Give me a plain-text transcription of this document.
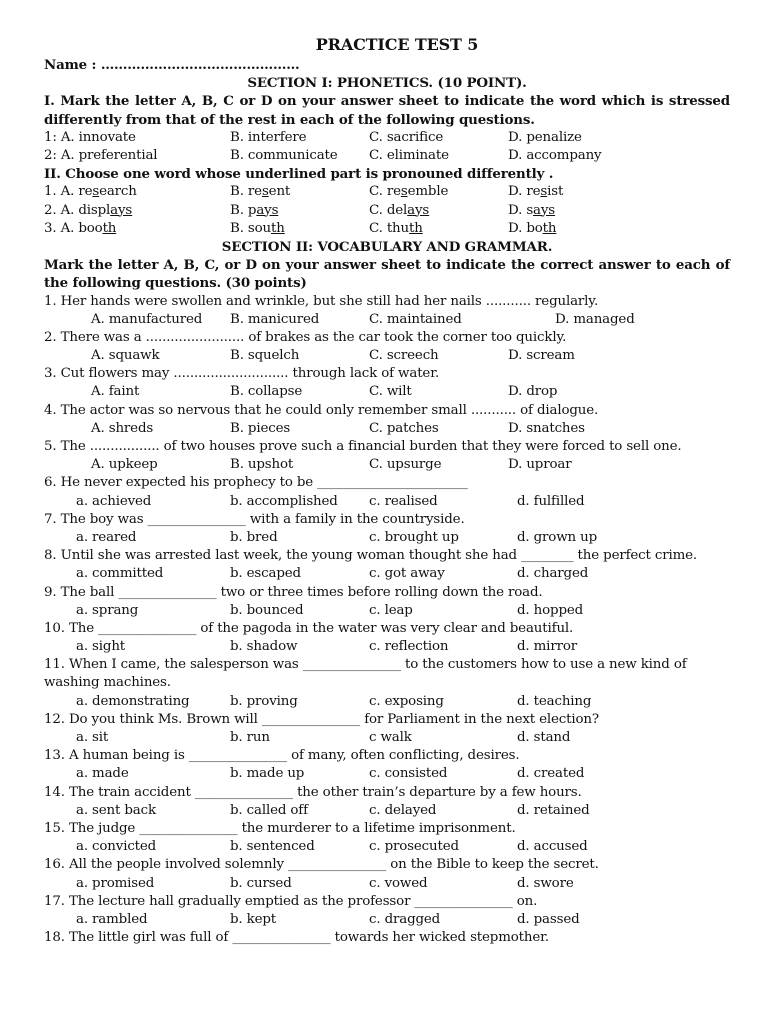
PRACTICE TEST 5
Name : ………………………………………
SECTION I: PHONETICS. (10 POINT).
I. Mark the letter A, B, C or D on your answer sheet to indicate the word which is stressed differently from that of the rest in each of the following questions.
1: A. innovate	B. interfere	C. sacrifice	D. penalize
2: A. preferential	B. communicate C. eliminate	D. accompany
II. Choose one word whose underlined part is pronouned differently .
1. A. research	B. resent	C. resemble	D. resist
2. A. displays	B. pays	C. delays	D. says
3. A. booth	B. south	C. thuth	D. both
SECTION II: VOCABULARY AND GRAMMAR.
Mark the letter A, B, C, or D on your answer sheet to indicate the correct answer to each of the following questions. (30 points)
1. Her hands were swollen and wrinkle, but she still had her nails ........... regularly.
A. manufactured B. manicured	C. maintained	D. managed
2. There was a ........................ of brakes as the car took the corner too quickly.
A. squawk	B. squelch	C. screech	D. scream
3. Cut flowers may ............................ through lack of water.
A. faint	B. collapse	C. wilt	D. drop
4. The actor was so nervous that he could only remember small ........... of dialogue.
A. shreds	B. pieces	C. patches	D. snatches
5. The ................. of two houses prove such a financial burden that they were forced to sell one.
A. upkeep	B. upshot	C. upsurge	D. uproar
6. He never expected his prophecy to be _______________________
a. achieved	b. accomplished c. realised	d. fulfilled
7. The boy was _______________ with a family in the countryside.
a. reared	b. bred	c. brought up	d. grown up
8. Until she was arrested last week, the young woman thought she had ________ the perfect crime.
a. committed	b. escaped	c. got away	d. charged
9. The ball _______________ two or three times before rolling down the road.
a. sprang	b. bounced	c. leap	d. hopped
10. The _______________ of the pagoda in the water was very clear and beautiful.
a. sight	b. shadow	c. reflection	d. mirror
11. When I came, the salesperson was _______________ to the customers how to use a new kind of
washing machines.
a. demonstrating	b. proving	c. exposing	d. teaching
12. Do you think Ms. Brown will _______________ for Parliament in the next election?
a. sit	b. run	c walk	d. stand
13. A human being is _______________ of many, often conflicting, desires.
a. made	b. made up	c. consisted	d. created
14. The train accident _______________ the other train’s departure by a few hours.
a. sent back	b. called off	c. delayed	d. retained
15. The judge _______________ the murderer to a lifetime imprisonment.
a. convicted	b. sentenced	c. prosecuted	d. accused
16. All the people involved solemnly _______________ on the Bible to keep the secret.
a. promised	b. cursed	c. vowed	d. swore
17. The lecture hall gradually emptied as the professor _______________ on.
a. rambled	b. kept	c. dragged	d. passed
18. The little girl was full of _______________ towards her wicked stepmother.
